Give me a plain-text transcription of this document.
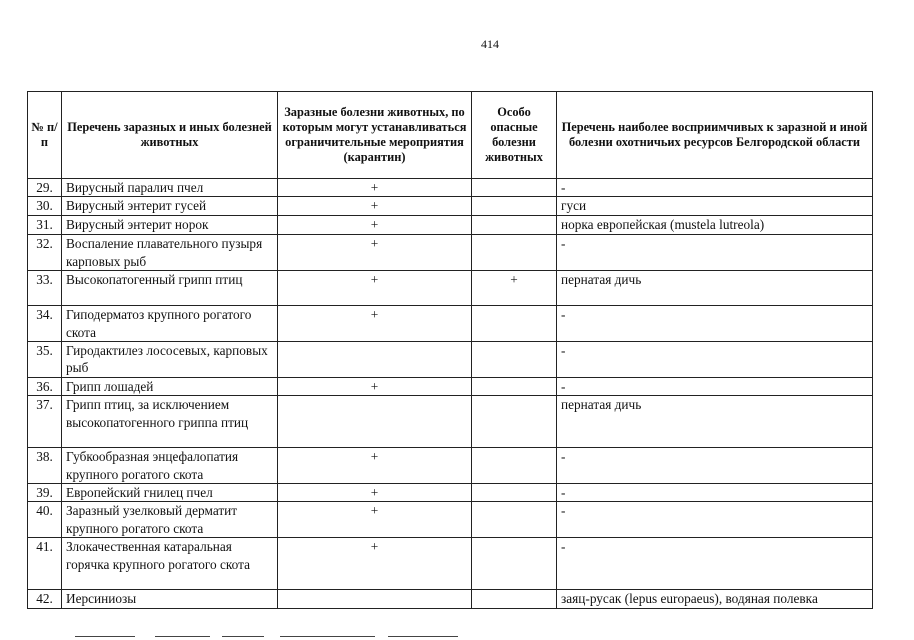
414
№ п/п	Перечень заразных и иных болезней животных	Заразные болезни животных, по которым могут устанавливаться ограничительные мероприятия (карантин)	Особо опасные болезни животных	Перечень наиболее восприимчивых к заразной и иной болезни охотничьих ресурсов Белгородской области
29.	Вирусный паралич пчел	+		-
30.	Вирусный энтерит гусей	+		гуси
31.	Вирусный энтерит норок	+		норка европейская (mustela lutreola)
32.	Воспаление плавательного пузыря карповых рыб	+		-
33.	Высокопатогенный грипп птиц	+	+	пернатая дичь
34.	Гиподерматоз крупного рогатого скота	+		-
35.	Гиродактилез лососевых, карповых рыб			-
36.	Грипп лошадей	+		-
37.	Грипп птиц, за исключением высокопатогенного гриппа птиц			пернатая дичь
38.	Губкообразная энцефалопатия крупного рогатого скота	+		-
39.	Европейский гнилец пчел	+		-
40.	Заразный узелковый дерматит крупного рогатого скота	+		-
41.	Злокачественная катаральная горячка крупного рогатого скота	+		-
42.	Иерсиниозы			заяц-русак (lepus europaeus), водяная полевка
